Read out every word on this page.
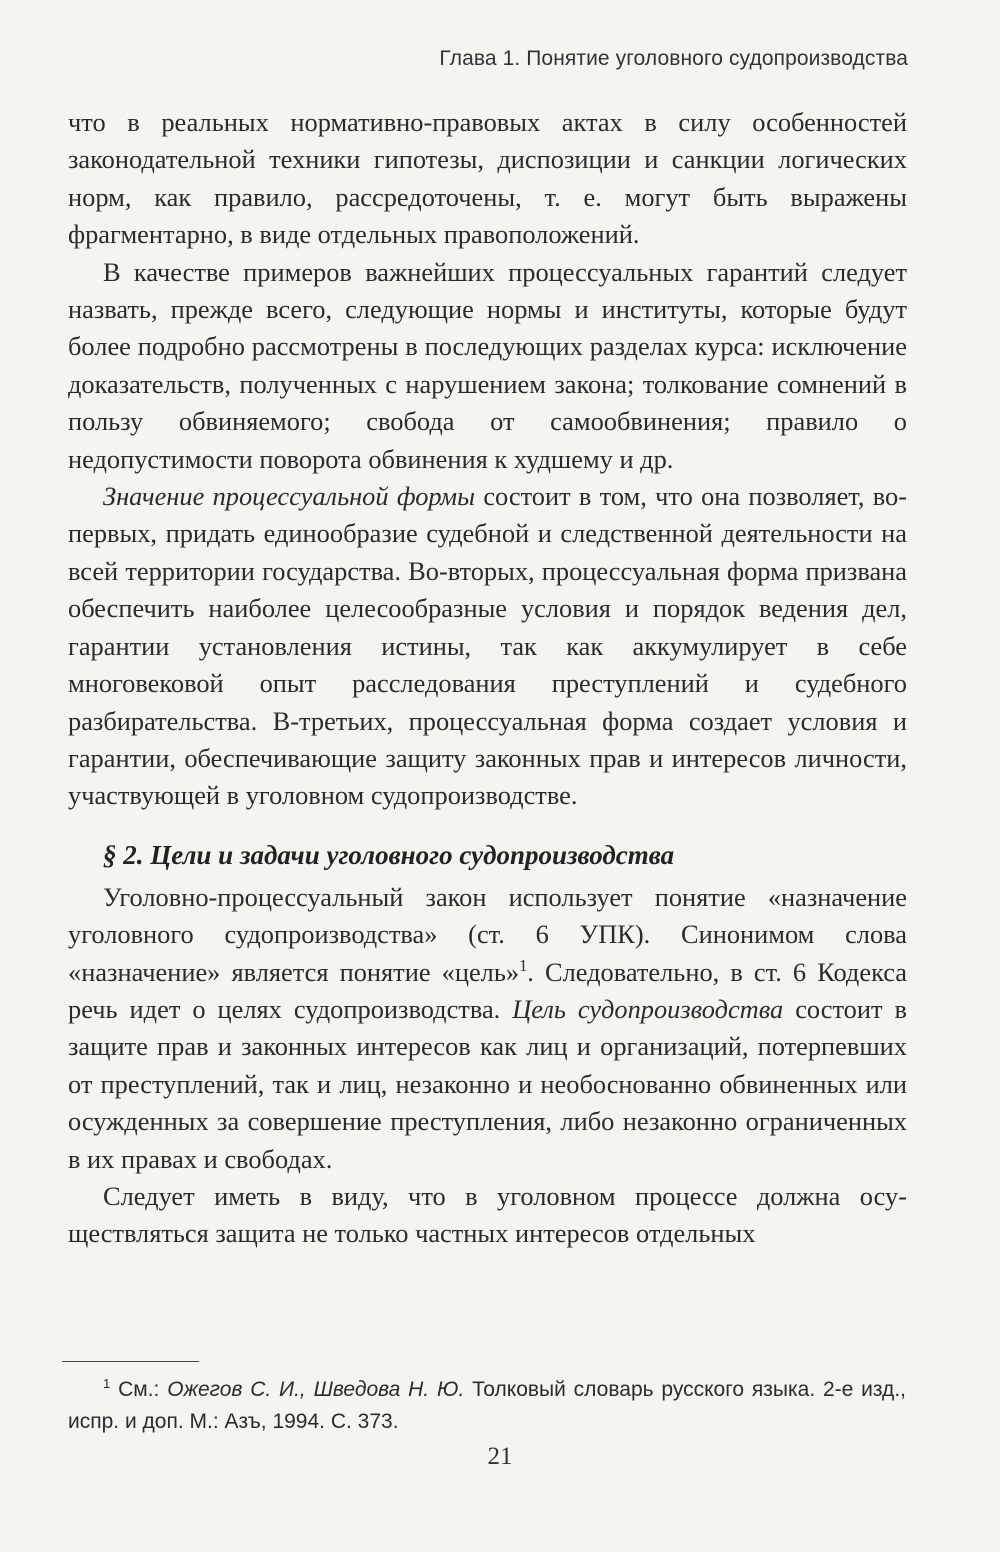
Глава 1. Понятие уголовного судопроизводства

что в реальных нормативно-правовых актах в силу особенностей законодательной техники гипотезы, диспозиции и санкции логических норм, как правило, рассредоточены, т. е. могут быть выражены фрагментарно, в виде отдельных правоположений.

В качестве примеров важнейших процессуальных гарантий следует назвать, прежде всего, следующие нормы и институты, которые будут более подробно рассмотрены в последующих разделах курса: исключение доказательств, полученных с нарушением закона; толкование сомнений в пользу обвиняемого; свобода от самообвинения; правило о недопустимости поворота обвинения к худшему и др.

Значение процессуальной формы состоит в том, что она позволяет, во-первых, придать единообразие судебной и следственной деятельности на всей территории государства. Во-вторых, процессуальная форма призвана обеспечить наиболее целесообразные условия и порядок ведения дел, гарантии установления истины, так как аккумулирует в себе многовековой опыт расследования преступлений и судебного разбирательства. В-третьих, процессуальная форма создает условия и гарантии, обеспечивающие защиту законных прав и интересов личности, участвующей в уголовном судопроизводстве.

§ 2. Цели и задачи уголовного судопроизводства

Уголовно-процессуальный закон использует понятие «назначение уголовного судопроизводства» (ст. 6 УПК). Синонимом слова «назначение» является понятие «цель»$^1$. Следовательно, в ст. 6 Кодекса речь идет о целях судопроизводства. Цель судопроизводства состоит в защите прав и законных интересов как лиц и организаций, потерпевших от преступлений, так и лиц, незаконно и необоснованно обвиненных или осужденных за совершение преступления, либо незаконно ограниченных в их правах и свободах.

Следует иметь в виду, что в уголовном процессе должна осуществляться защита не только частных интересов отдельных

$^1$ См.: Ожегов С. И., Шведова Н. Ю. Толковый словарь русского языка. 2-е изд., испр. и доп. М.: Азъ, 1994. С. 373.

21
